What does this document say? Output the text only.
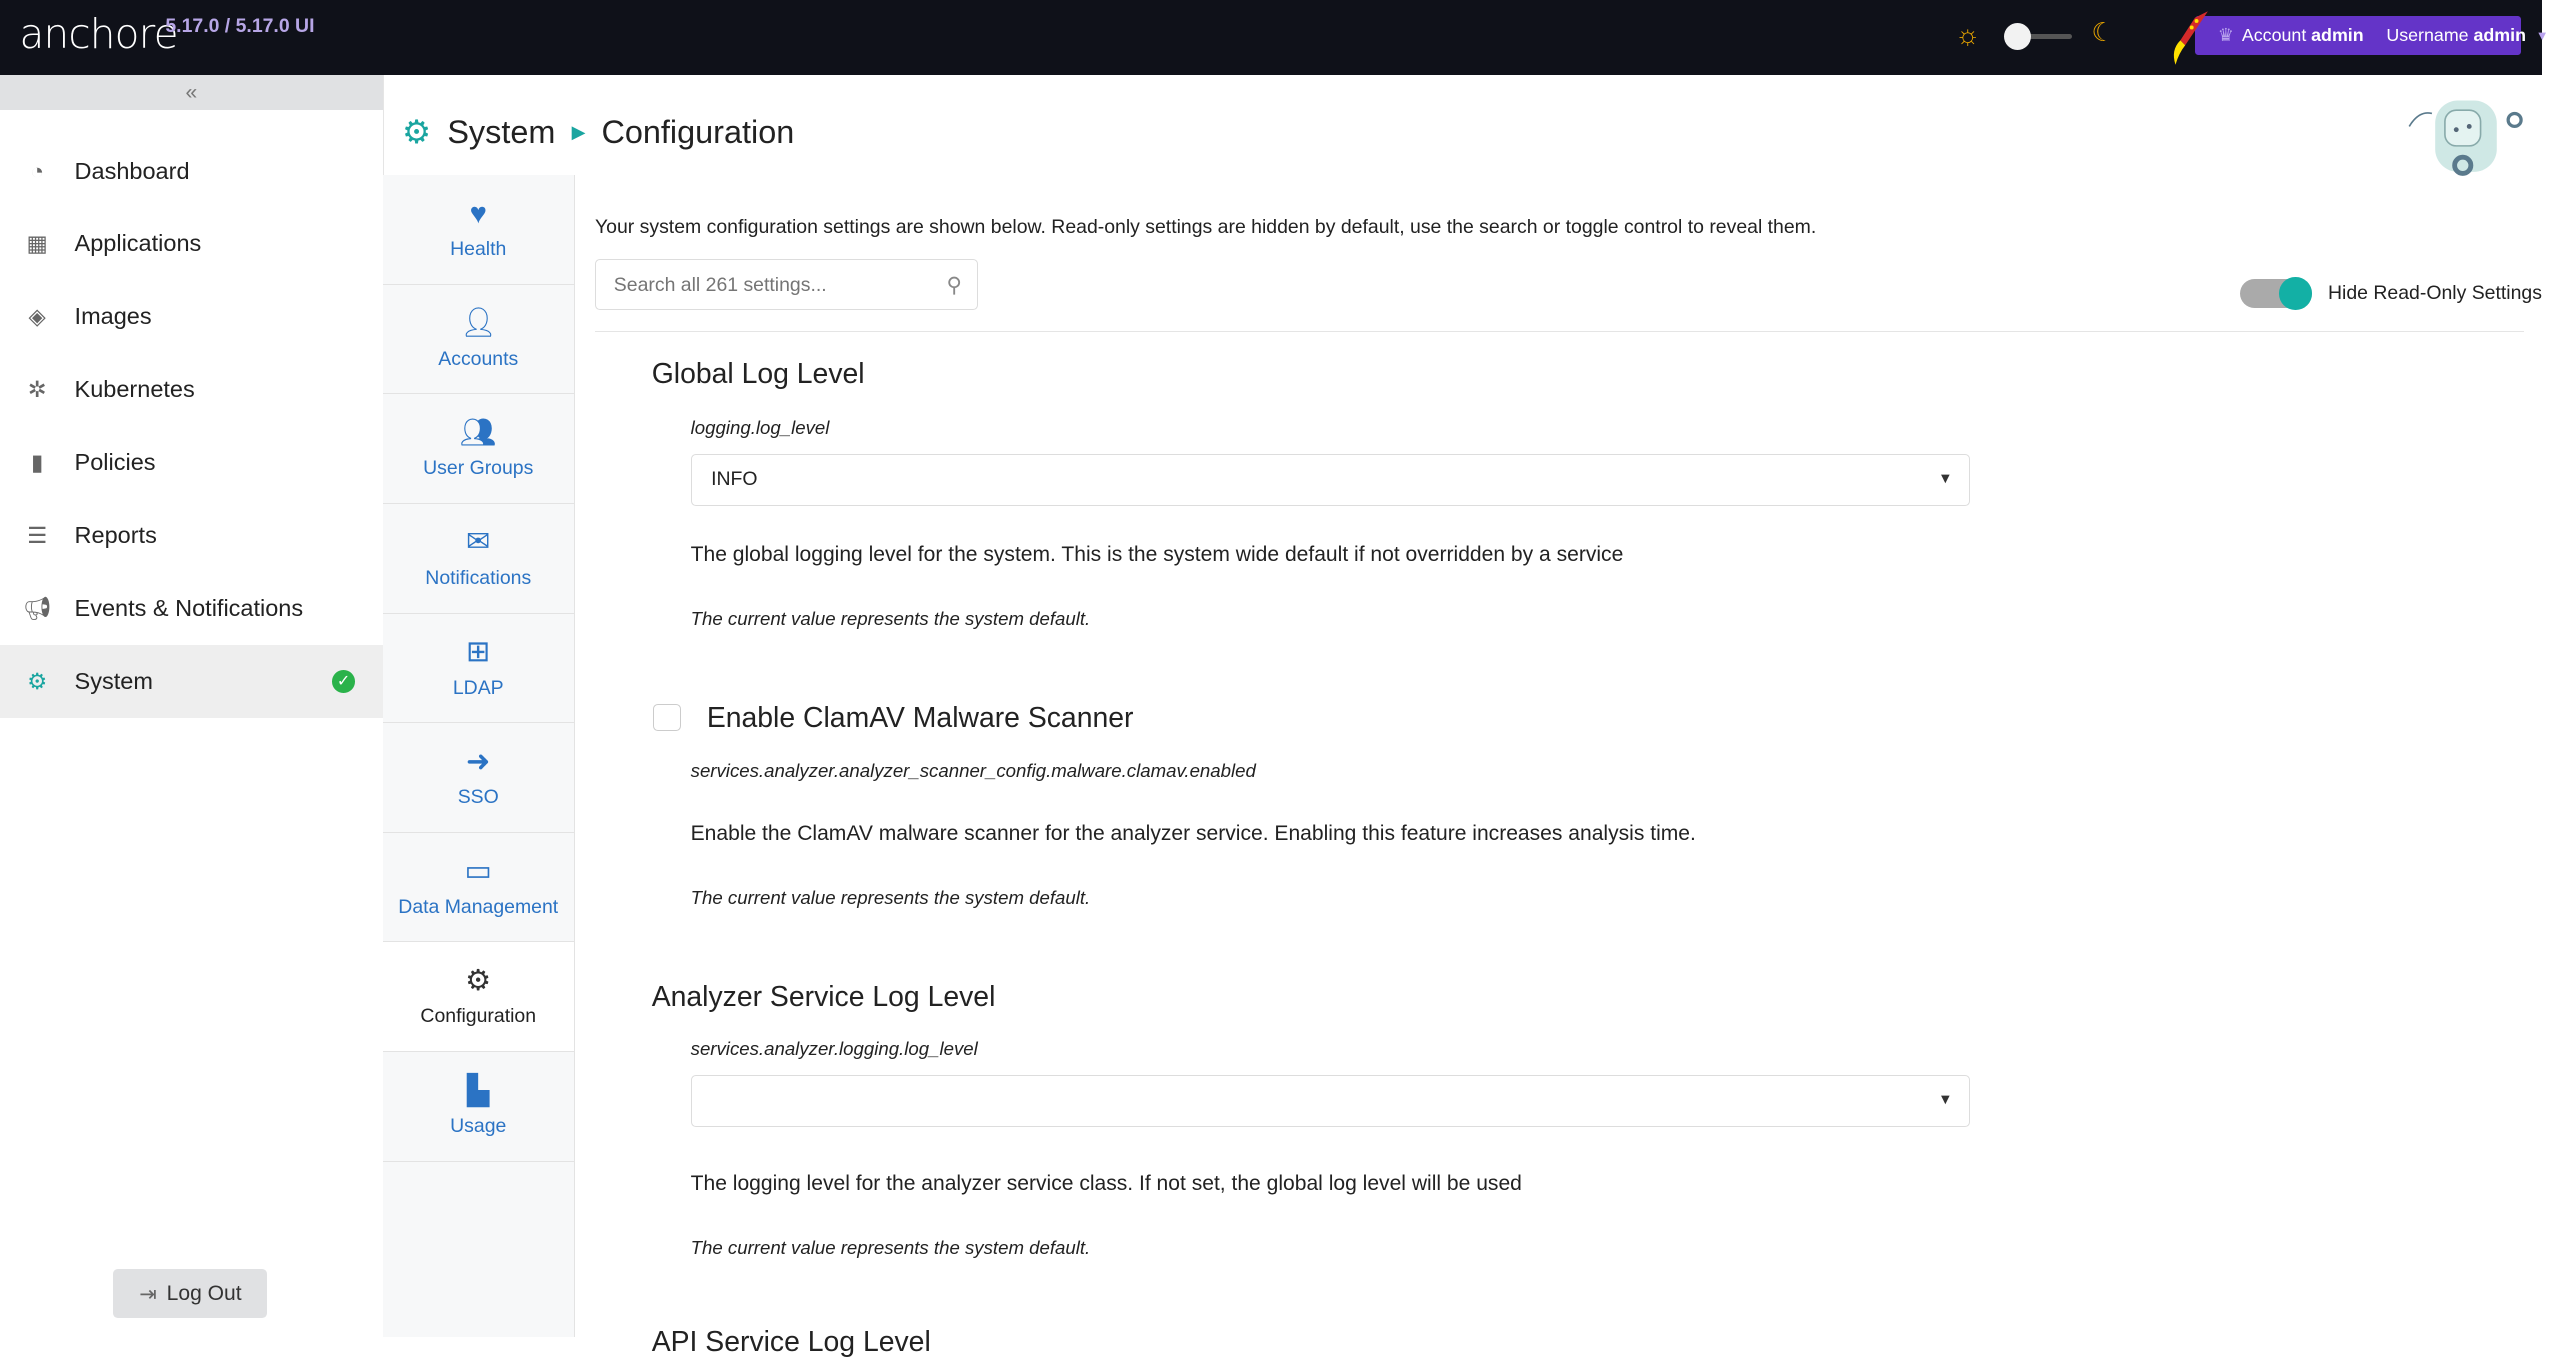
anchore
5.17.0 / 5.17.0 UI	☼	☾	♛ Account admin Username admin ▼
«
◔	Dashboard
▦ Applications
◈	Images
✲	Kubernetes
▮	Policies
☰	Reports
📢︎ Events & Notifications
⚙	System	✓
⇥ Log Out
⚙ System ▶ Configuration
♥
Health
👤︎
Accounts
👥︎
User Groups
✉
Notifications
⊞
LDAP
➜
SSO
▭
Data Management
⚙
Configuration
▙
Usage
Your system configuration settings are shown below. Read-only settings are hidden by default, use the search or toggle control to reveal them.
Search all 261 settings...
⚲	Hide Read-Only Settings
Global Log Level
logging.log_level
INFO	▼
The global logging level for the system. This is the system wide default if not overridden by a service
The current value represents the system default.
Enable ClamAV Malware Scanner
services.analyzer.analyzer_scanner_config.malware.clamav.enabled
Enable the ClamAV malware scanner for the analyzer service. Enabling this feature increases analysis time.
The current value represents the system default.
Analyzer Service Log Level
services.analyzer.logging.log_level
▼
The logging level for the analyzer service class. If not set, the global log level will be used
The current value represents the system default.
API Service Log Level
